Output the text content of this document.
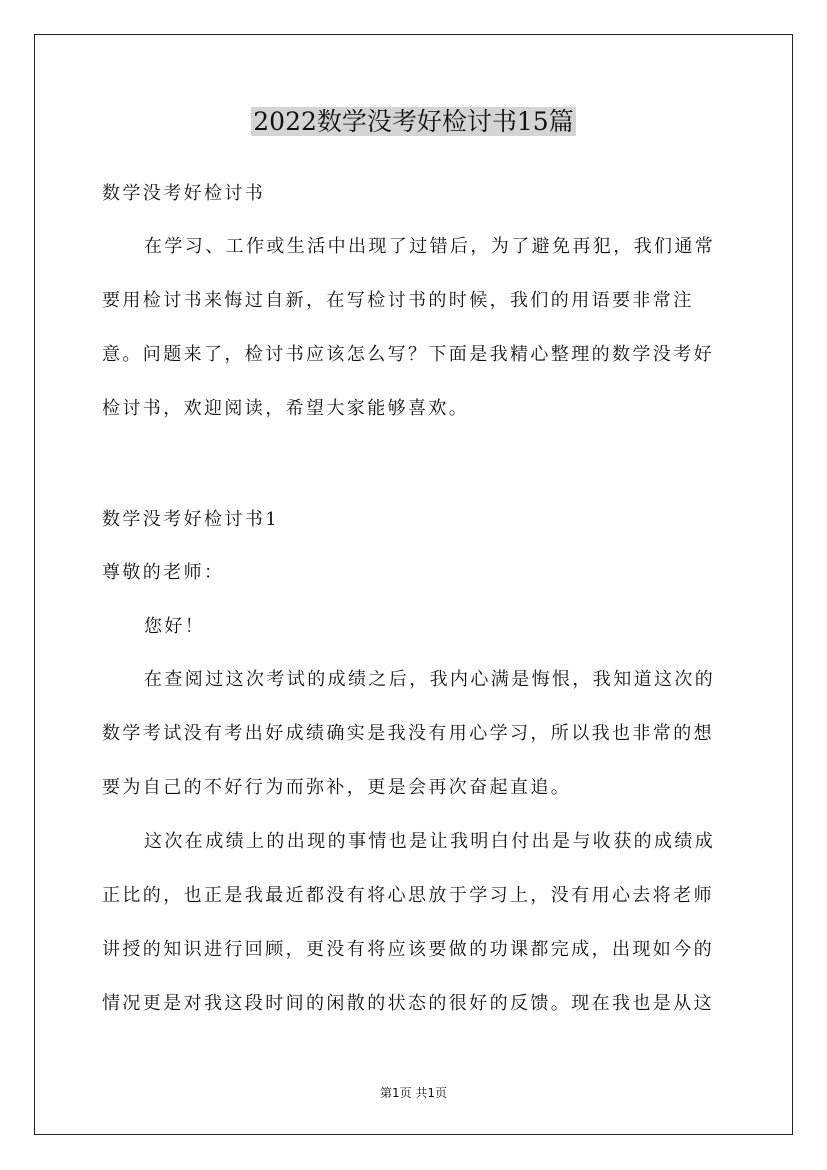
2022数学没考好检讨书15篇

数学没考好检讨书

在学习、工作或生活中出现了过错后，为了避免再犯，我们通常要用检讨书来悔过自新，在写检讨书的时候，我们的用语要非常注意。问题来了，检讨书应该怎么写？下面是我精心整理的数学没考好检讨书，欢迎阅读，希望大家能够喜欢。

数学没考好检讨书1

尊敬的老师：

您好！

在查阅过这次考试的成绩之后，我内心满是悔恨，我知道这次的数学考试没有考出好成绩确实是我没有用心学习，所以我也非常的想要为自己的不好行为而弥补，更是会再次奋起直追。

这次在成绩上的出现的事情也是让我明白付出是与收获的成绩成正比的，也正是我最近都没有将心思放于学习上，没有用心去将老师讲授的知识进行回顾，更没有将应该要做的功课都完成，出现如今的情况更是对我这段时间的闲散的状态的很好的反馈。现在我也是从这

第1页 共1页
